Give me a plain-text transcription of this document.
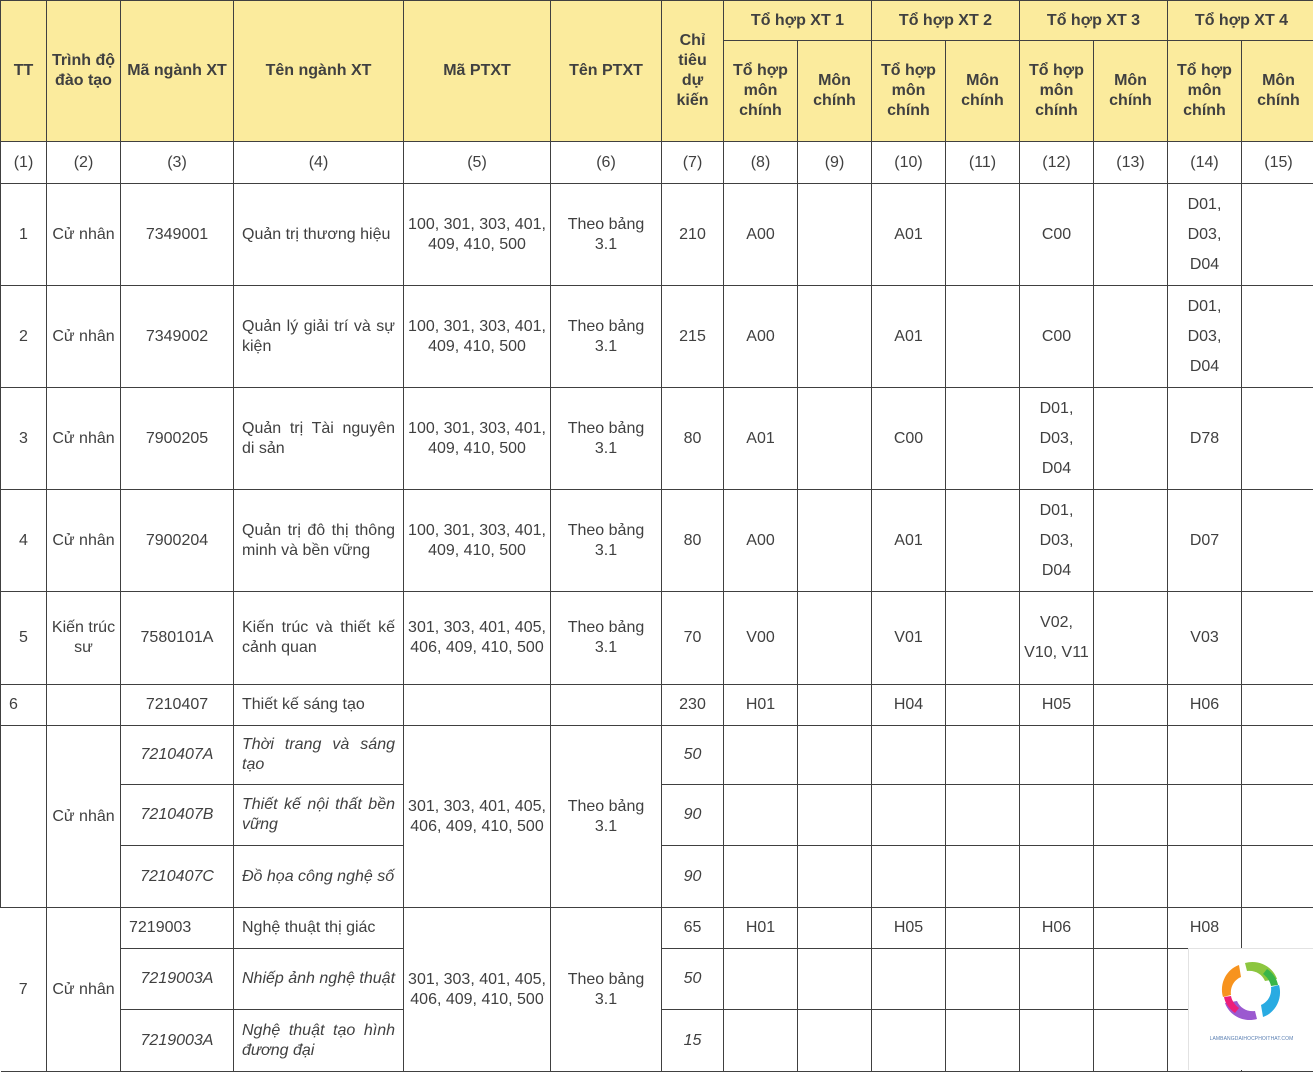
TT	Trình độ đào tạo	Mã ngành XT	Tên ngành XT	Mã PTXT	Tên PTXT	Chỉ tiêu dự kiến	Tổ hợp XT 1		Tổ hợp XT 2		Tổ hợp XT 3		Tổ hợp XT 4	
							Tổ hợp môn chính	Môn chính	Tổ hợp môn chính	Môn chính	Tổ hợp môn chính	Môn chính	Tổ hợp môn chính	Môn chính
(1)	(2)	(3)	(4)	(5)	(6)	(7)	(8)	(9)	(10)	(11)	(12)	(13)	(14)	(15)
1	Cử nhân	7349001	Quản trị thương hiệu	100, 301, 303, 401, 409, 410, 500	Theo bảng 3.1	210	A00		A01		C00		D01, D03, D04	
2	Cử nhân	7349002	Quản lý giải trí và sự kiện	100, 301, 303, 401, 409, 410, 500	Theo bảng 3.1	215	A00		A01		C00		D01, D03, D04	
3	Cử nhân	7900205	Quản trị Tài nguyên di sản	100, 301, 303, 401, 409, 410, 500	Theo bảng 3.1	80	A01		C00		D01, D03, D04		D78	
4	Cử nhân	7900204	Quản trị đô thị thông minh và bền vững	100, 301, 303, 401, 409, 410, 500	Theo bảng 3.1	80	A00		A01		D01, D03, D04		D07	
5	Kiến trúc sư	7580101A	Kiến trúc và thiết kế cảnh quan	301, 303, 401, 405, 406, 409, 410, 500	Theo bảng 3.1	70	V00		V01		V02, V10, V11		V03	
6		7210407	Thiết kế sáng tạo			230	H01		H04		H05		H06	
	Cử nhân	7210407A	Thời trang và sáng tạo	301, 303, 401, 405, 406, 409, 410, 500	Theo bảng 3.1	50								
		7210407B	Thiết kế nội thất bền vững			90								
		7210407C	Đồ họa công nghệ số			90								
7	Cử nhân	7219003	Nghệ thuật thị giác	301, 303, 401, 405, 406, 409, 410, 500	Theo bảng 3.1	65	H01		H05		H06		H08	
		7219003A	Nhiếp ảnh nghệ thuật			50								
		7219003A	Nghệ thuật tạo hình đương đại			15									LAMBANGDAIHOCPHOITHAT.COM
